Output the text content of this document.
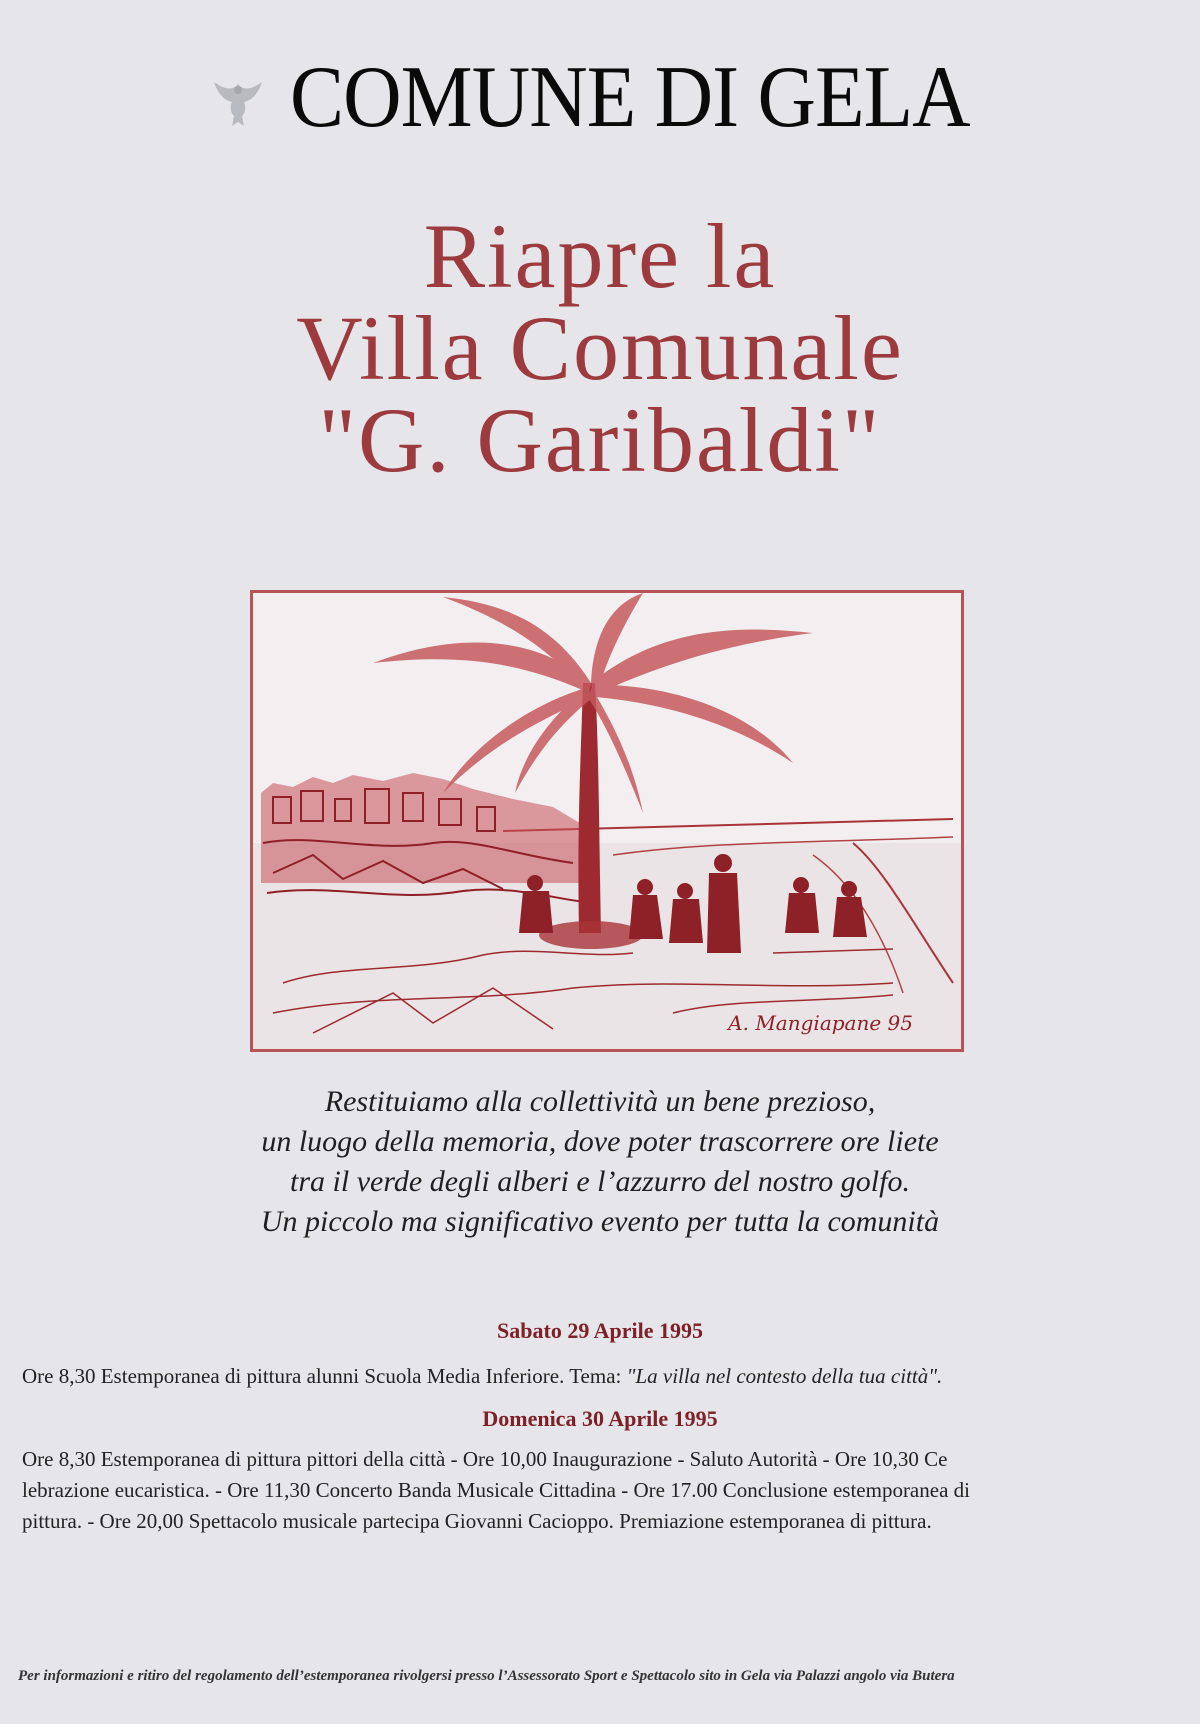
COMUNE DI GELA
Riapre la
Villa Comunale
"G. Garibaldi"
A. Mangiapane 95
Restituiamo alla collettività un bene prezioso,
un luogo della memoria, dove poter trascorrere ore liete
tra il verde degli alberi e l’azzurro del nostro golfo.
Un piccolo ma significativo evento per tutta la comunità
Sabato 29 Aprile 1995
Ore 8,30 Estemporanea di pittura alunni Scuola Media Inferiore. Tema: "La villa nel contesto della tua città".
Domenica 30 Aprile 1995
Ore 8,30 Estemporanea di pittura pittori della città - Ore 10,00 Inaugurazione - Saluto Autorità - Ore 10,30 Ce
lebrazione eucaristica. - Ore 11,30 Concerto Banda Musicale Cittadina - Ore 17.00 Conclusione estemporanea di
pittura. - Ore 20,00 Spettacolo musicale partecipa Giovanni Cacioppo. Premiazione estemporanea di pittura.
Per informazioni e ritiro del regolamento dell’estemporanea rivolgersi presso l’Assessorato Sport e Spettacolo sito in Gela via Palazzi angolo via Butera
